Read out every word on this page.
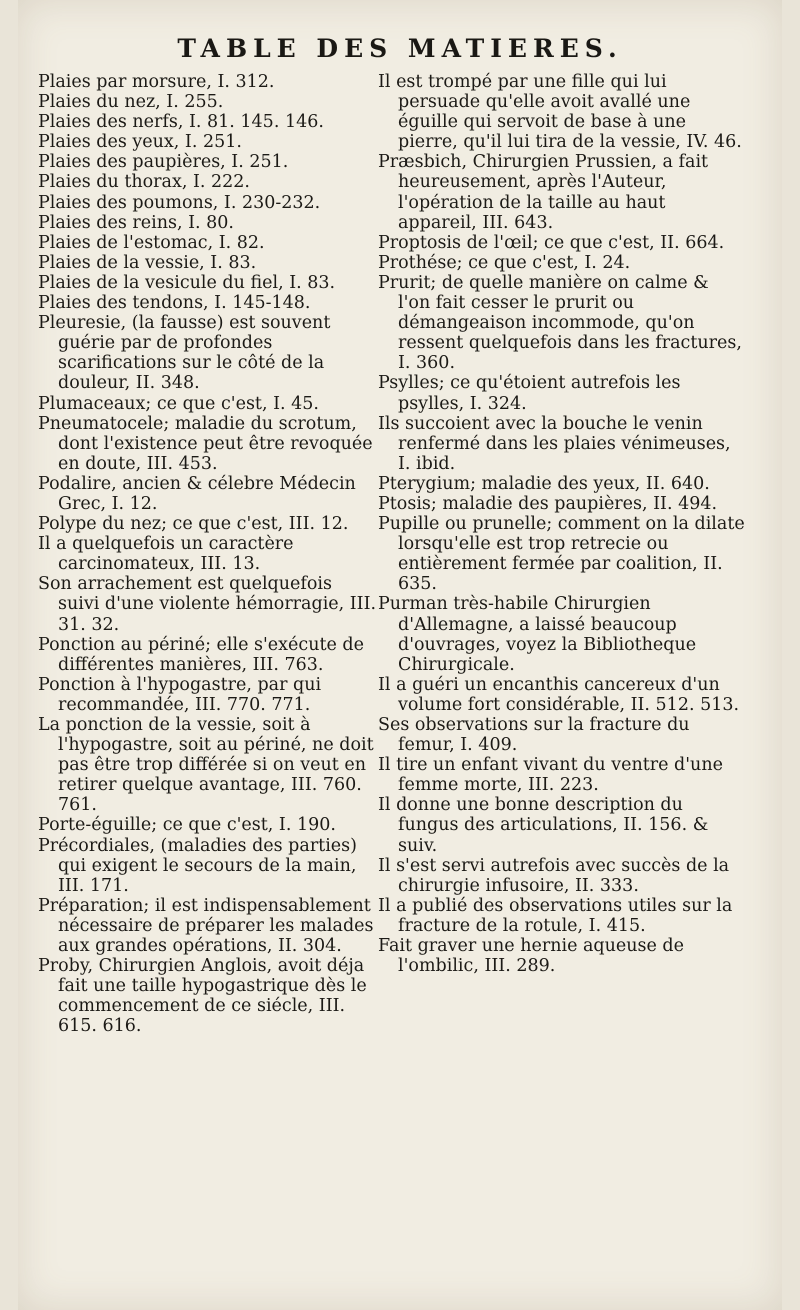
TABLE DES MATIERES.

Plaies par morsure, I. 312.

Plaies du nez, I. 255.

Plaies des nerfs, I. 81. 145. 146.

Plaies des yeux, I. 251.

Plaies des paupières, I. 251.

Plaies du thorax, I. 222.

Plaies des poumons, I. 230-232.

Plaies des reins, I. 80.

Plaies de l'estomac, I. 82.

Plaies de la vessie, I. 83.

Plaies de la vesicule du fiel, I. 83.

Plaies des tendons, I. 145-148.

Pleuresie, (la fausse) est souvent guérie par de profondes scarifications sur le côté de la douleur, II. 348.

Plumaceaux; ce que c'est, I. 45.

Pneumatocele; maladie du scrotum, dont l'existence peut être revoquée en doute, III. 453.

Podalire, ancien & célebre Médecin Grec, I. 12.

Polype du nez; ce que c'est, III. 12.

Il a quelquefois un caractère carcinomateux, III. 13.

Son arrachement est quelquefois suivi d'une violente hémorragie, III. 31. 32.

Ponction au périné; elle s'exécute de différentes manières, III. 763.

Ponction à l'hypogastre, par qui recommandée, III. 770. 771.

La ponction de la vessie, soit à l'hypogastre, soit au périné, ne doit pas être trop différée si on veut en retirer quelque avantage, III. 760. 761.

Porte-éguille; ce que c'est, I. 190.

Précordiales, (maladies des parties) qui exigent le secours de la main, III. 171.

Préparation; il est indispensablement nécessaire de préparer les malades aux grandes opérations, II. 304.

Proby, Chirurgien Anglois, avoit déja fait une taille hypogastrique dès le commencement de ce siécle, III. 615. 616.

Il est trompé par une fille qui lui persuade qu'elle avoit avallé une éguille qui servoit de base à une pierre, qu'il lui tira de la vessie, IV. 46.

Præsbich, Chirurgien Prussien, a fait heureusement, après l'Auteur, l'opération de la taille au haut appareil, III. 643.

Proptosis de l'œil; ce que c'est, II. 664.

Prothése; ce que c'est, I. 24.

Prurit; de quelle manière on calme & l'on fait cesser le prurit ou démangeaison incommode, qu'on ressent quelquefois dans les fractures, I. 360.

Psylles; ce qu'étoient autrefois les psylles, I. 324.

Ils succoient avec la bouche le venin renfermé dans les plaies vénimeuses, I. ibid.

Pterygium; maladie des yeux, II. 640.

Ptosis; maladie des paupières, II. 494.

Pupille ou prunelle; comment on la dilate lorsqu'elle est trop retrecie ou entièrement fermée par coalition, II. 635.

Purman très-habile Chirurgien d'Allemagne, a laissé beaucoup d'ouvrages, voyez la Bibliotheque Chirurgicale.

Il a guéri un encanthis cancereux d'un volume fort considérable, II. 512. 513.

Ses observations sur la fracture du femur, I. 409.

Il tire un enfant vivant du ventre d'une femme morte, III. 223.

Il donne une bonne description du fungus des articulations, II. 156. & suiv.

Il s'est servi autrefois avec succès de la chirurgie infusoire, II. 333.

Il a publié des observations utiles sur la fracture de la rotule, I. 415.

Fait graver une hernie aqueuse de l'ombilic, III. 289.
